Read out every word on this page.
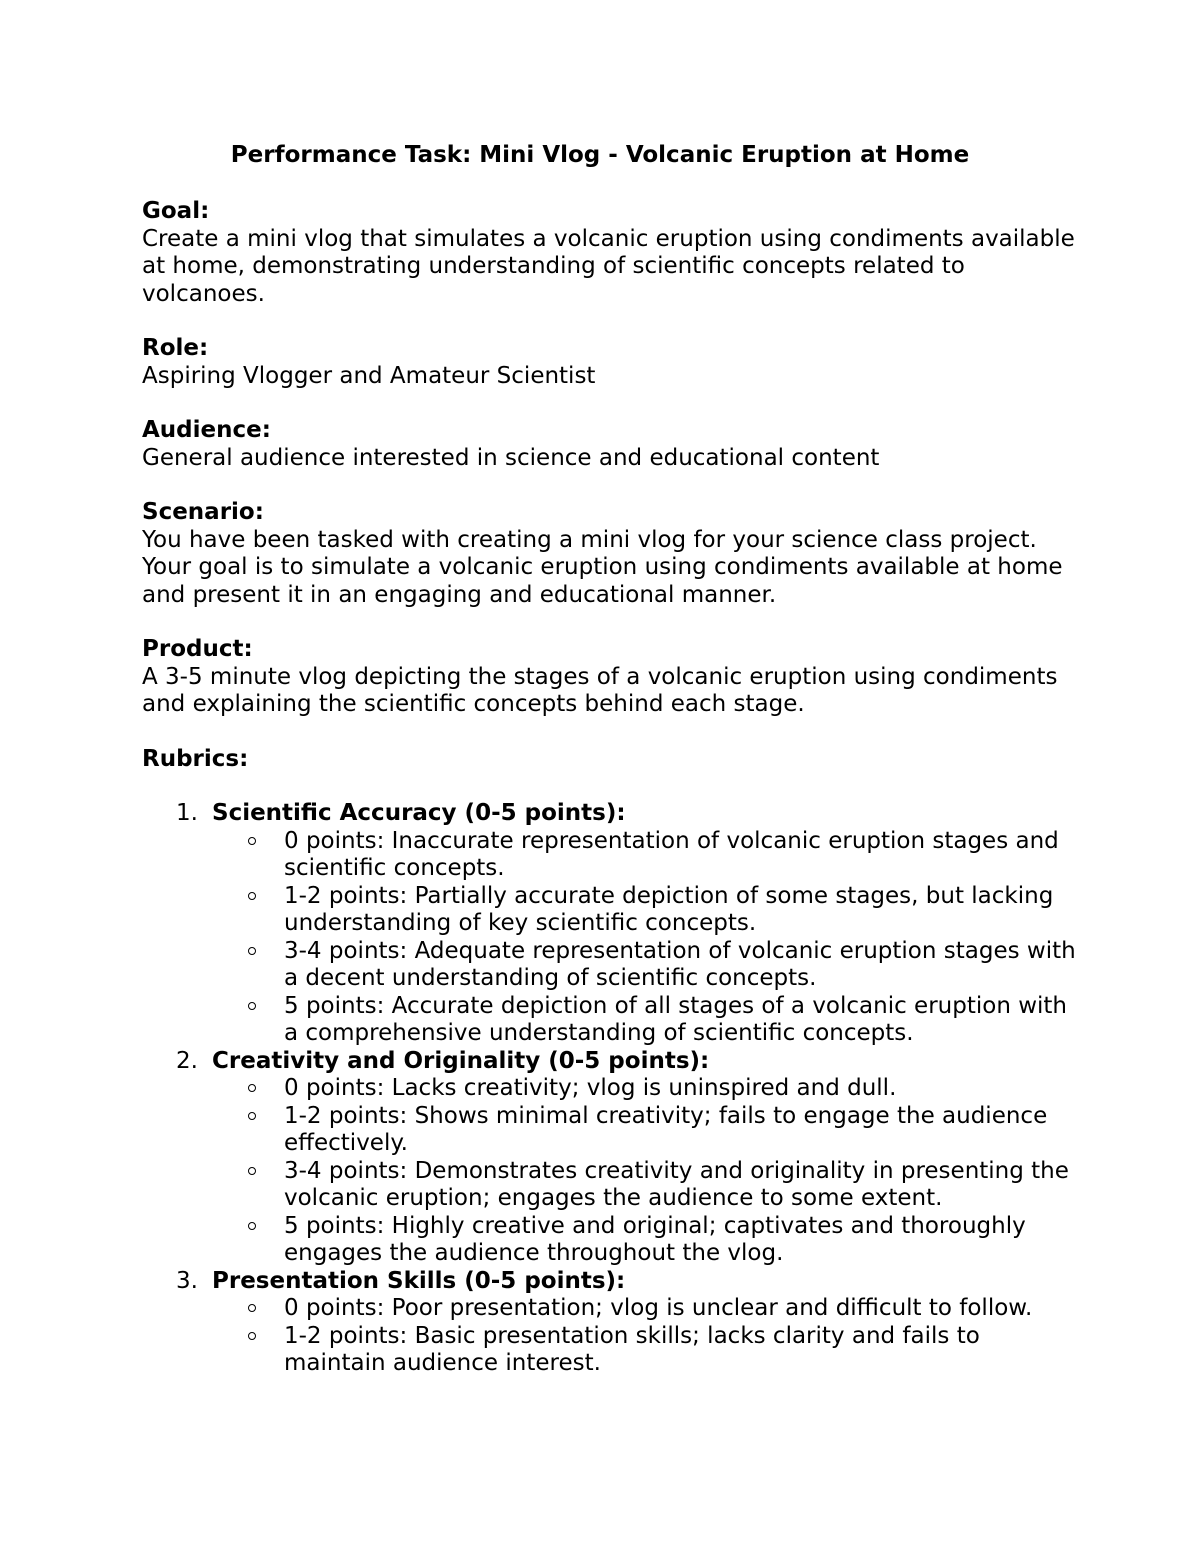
Performance Task: Mini Vlog - Volcanic Eruption at Home

Goal:

Create a mini vlog that simulates a volcanic eruption using condiments available at home, demonstrating understanding of scientific concepts related to volcanoes.

Role:

Aspiring Vlogger and Amateur Scientist

Audience:

General audience interested in science and educational content

Scenario:

You have been tasked with creating a mini vlog for your science class project. Your goal is to simulate a volcanic eruption using condiments available at home and present it in an engaging and educational manner.

Product:

A 3-5 minute vlog depicting the stages of a volcanic eruption using condiments and explaining the scientific concepts behind each stage.

Rubrics:

1. Scientific Accuracy (0-5 points):
0 points: Inaccurate representation of volcanic eruption stages and scientific concepts.
1-2 points: Partially accurate depiction of some stages, but lacking understanding of key scientific concepts.
3-4 points: Adequate representation of volcanic eruption stages with a decent understanding of scientific concepts.
5 points: Accurate depiction of all stages of a volcanic eruption with a comprehensive understanding of scientific concepts.
2. Creativity and Originality (0-5 points):
0 points: Lacks creativity; vlog is uninspired and dull.
1-2 points: Shows minimal creativity; fails to engage the audience effectively.
3-4 points: Demonstrates creativity and originality in presenting the volcanic eruption; engages the audience to some extent.
5 points: Highly creative and original; captivates and thoroughly engages the audience throughout the vlog.
3. Presentation Skills (0-5 points):
0 points: Poor presentation; vlog is unclear and difficult to follow.
1-2 points: Basic presentation skills; lacks clarity and fails to maintain audience interest.
